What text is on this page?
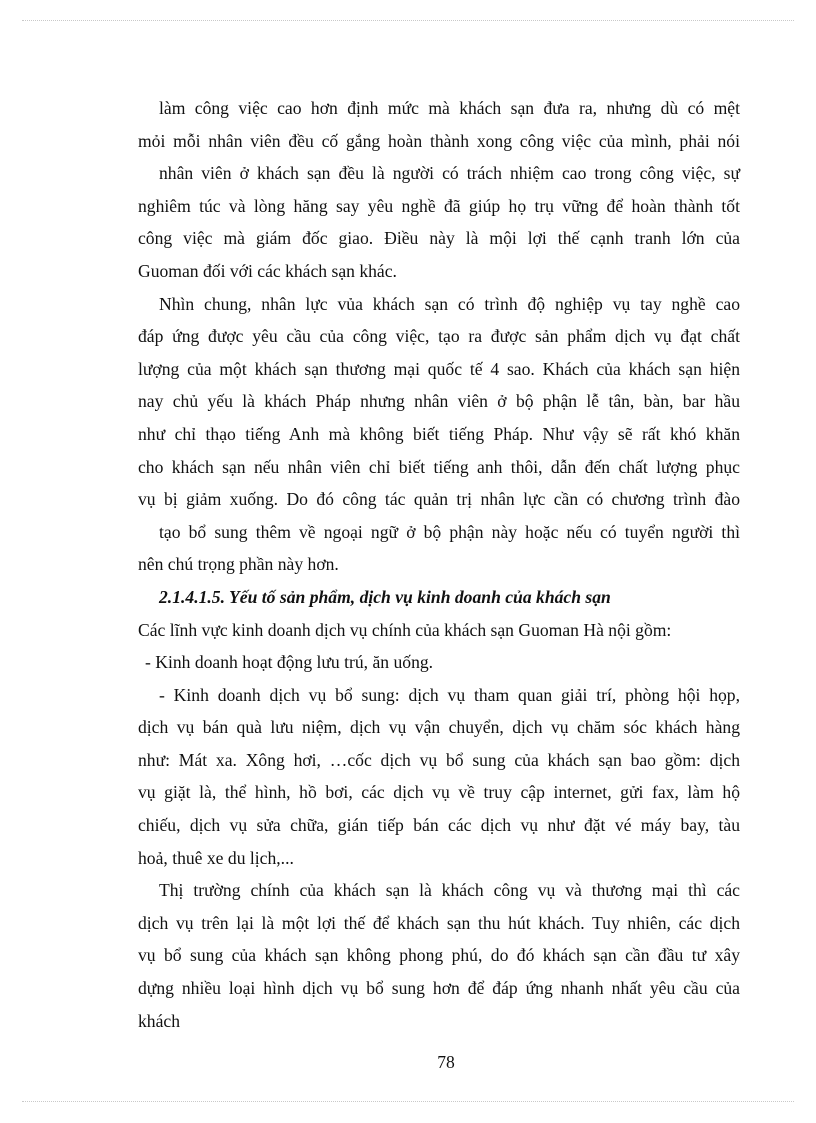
làm công việc cao hơn định mức mà khách sạn đưa ra, nhưng dù có mệt
mỏi mỗi nhân viên đều cố gắng hoàn thành xong công việc của mình, phải nói
nhân viên ở khách sạn đều là người có trách nhiệm cao trong công việc, sự
nghiêm túc và lòng hăng say yêu nghề đã giúp họ trụ vững để hoàn thành tốt
công việc mà giám đốc giao. Điều này là mội lợi thế cạnh tranh lớn của
Guoman đối với các khách sạn khác.
Nhìn chung, nhân lực vủa khách sạn có trình độ nghiệp vụ tay nghề cao
đáp ứng được yêu cầu của công việc, tạo ra được sản phẩm dịch vụ đạt chất
lượng của một khách sạn thương mại quốc tế 4 sao. Khách của khách sạn hiện
nay chủ yếu là khách Pháp nhưng nhân viên ở bộ phận lễ tân, bàn, bar hầu
như chỉ thạo tiếng Anh mà không biết tiếng Pháp. Như vậy sẽ rất khó khăn
cho khách sạn nếu nhân viên chỉ biết tiếng anh thôi, dẫn đến chất lượng phục
vụ bị giảm xuống. Do đó công tác quản trị nhân lực cần có chương trình đào
tạo bổ sung thêm về ngoại ngữ ở bộ phận này hoặc nếu có tuyển người thì
nên chú trọng phần này hơn.
2.1.4.1.5. Yếu tố sản phẩm, dịch vụ kinh doanh của khách sạn
Các lĩnh vực kinh doanh dịch vụ chính của khách sạn Guoman Hà nội gồm:
- Kinh doanh hoạt động lưu trú, ăn uống.
- Kinh doanh dịch vụ bổ sung: dịch vụ tham quan giải trí, phòng hội họp,
dịch vụ bán quà lưu niệm, dịch vụ vận chuyển, dịch vụ chăm sóc khách hàng
như: Mát xa. Xông hơi, …cốc dịch vụ bổ sung của khách sạn bao gồm: dịch
vụ giặt là, thể hình, hồ bơi, các dịch vụ về truy cập internet, gửi fax, làm hộ
chiếu, dịch vụ sửa chữa, gián tiếp bán các dịch vụ như đặt vé máy bay, tàu
hoả, thuê xe du lịch,...
Thị trường chính của khách sạn là khách công vụ và thương mại thì các
dịch vụ trên lại là một lợi thế để khách sạn thu hút khách. Tuy nhiên, các dịch
vụ bổ sung của khách sạn không phong phú, do đó khách sạn cần đầu tư xây
dựng nhiều loại hình dịch vụ bổ sung hơn để đáp ứng nhanh nhất yêu cầu của
khách
78
